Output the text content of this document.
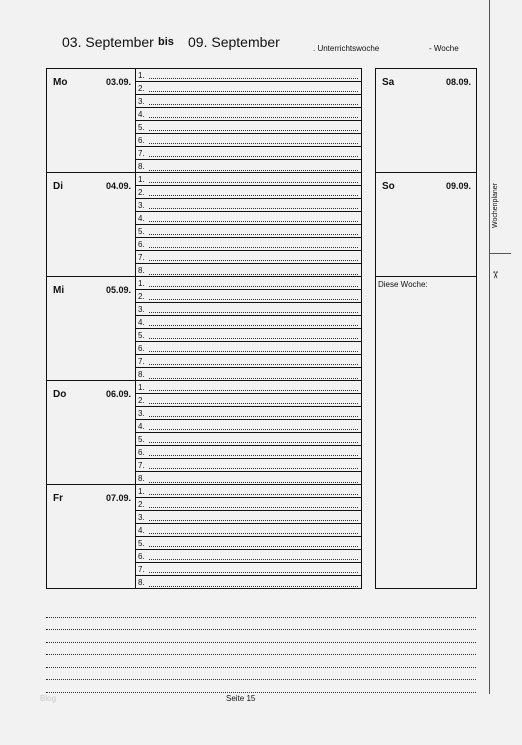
03. September bis 09. September	. Unterrichtswoche	- Woche
Mo	03.09.
1.
2.
3.
4.
5.
6.
7.
8.
Di	04.09.
1.
2.
3.
4.
5.
6.
7.
8.
Mi	05.09.
1.
2.
3.
4.
5.
6.
7.
8.
Do	06.09.
1.
2.
3.
4.
5.
6.
7.
8.
Fr	07.09.
1.
2.
3.
4.
5.
6.
7.
8.
Sa	08.09.
So	09.09.
Diese Woche:
Blog	Seite 15
Wochenplaner
✂
